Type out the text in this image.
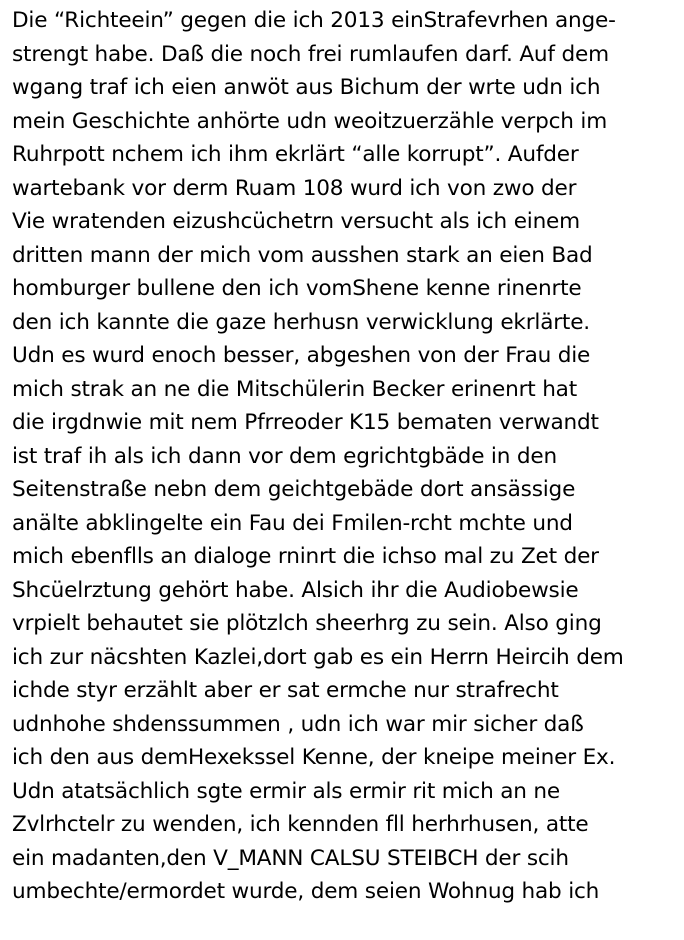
Die “Richteein” gegen die ich 2013 einStrafevrhen ange-
strengt habe. Daß die noch frei rumlaufen darf. Auf dem
wgang traf ich eien anwöt aus Bichum der wrte udn ich
mein Geschichte anhörte udn weoitzuerzähle verpch im
Ruhrpott nchem ich ihm ekrlärt “alle korrupt”. Aufder
wartebank vor derm Ruam 108 wurd ich von zwo der
Vie wratenden eizushcüchetrn versucht als ich einem
dritten mann der mich vom ausshen stark an eien Bad
homburger bullene den ich vomShene kenne rinenrte
den ich kannte die gaze herhusn verwicklung ekrlärte.
Udn es wurd enoch besser, abgeshen von der Frau die
mich strak an ne die Mitschülerin Becker erinenrt hat
die irgdnwie mit nem Pfrreoder K15 bematen verwandt
ist traf ih als ich dann vor dem egrichtgbäde in den
Seitenstraße nebn dem geichtgebäde dort ansässige
anälte abklingelte ein Fau dei Fmilen-rcht mchte und
mich ebenflls an dialoge rninrt die ichso mal zu Zet der
Shcüelrztung gehört habe. Alsich ihr die Audiobewsie
vrpielt behautet sie plötzlch sheerhrg zu sein. Also ging
ich zur näcshten Kazlei,dort gab es ein Herrn Heircih dem
ichde styr erzählt aber er sat ermche nur strafrecht
udnhohe shdenssummen , udn ich war mir sicher daß
ich den aus demHexekssel Kenne, der kneipe meiner Ex.
Udn atatsächlich sgte ermir als ermir rit mich an ne
Zvlrhctelr zu wenden, ich kennden fll herhrhusen, atte
ein madanten,den V_MANN CALSU STEIBCH der scih
umbechte/ermordet wurde, dem seien Wohnug hab ich
